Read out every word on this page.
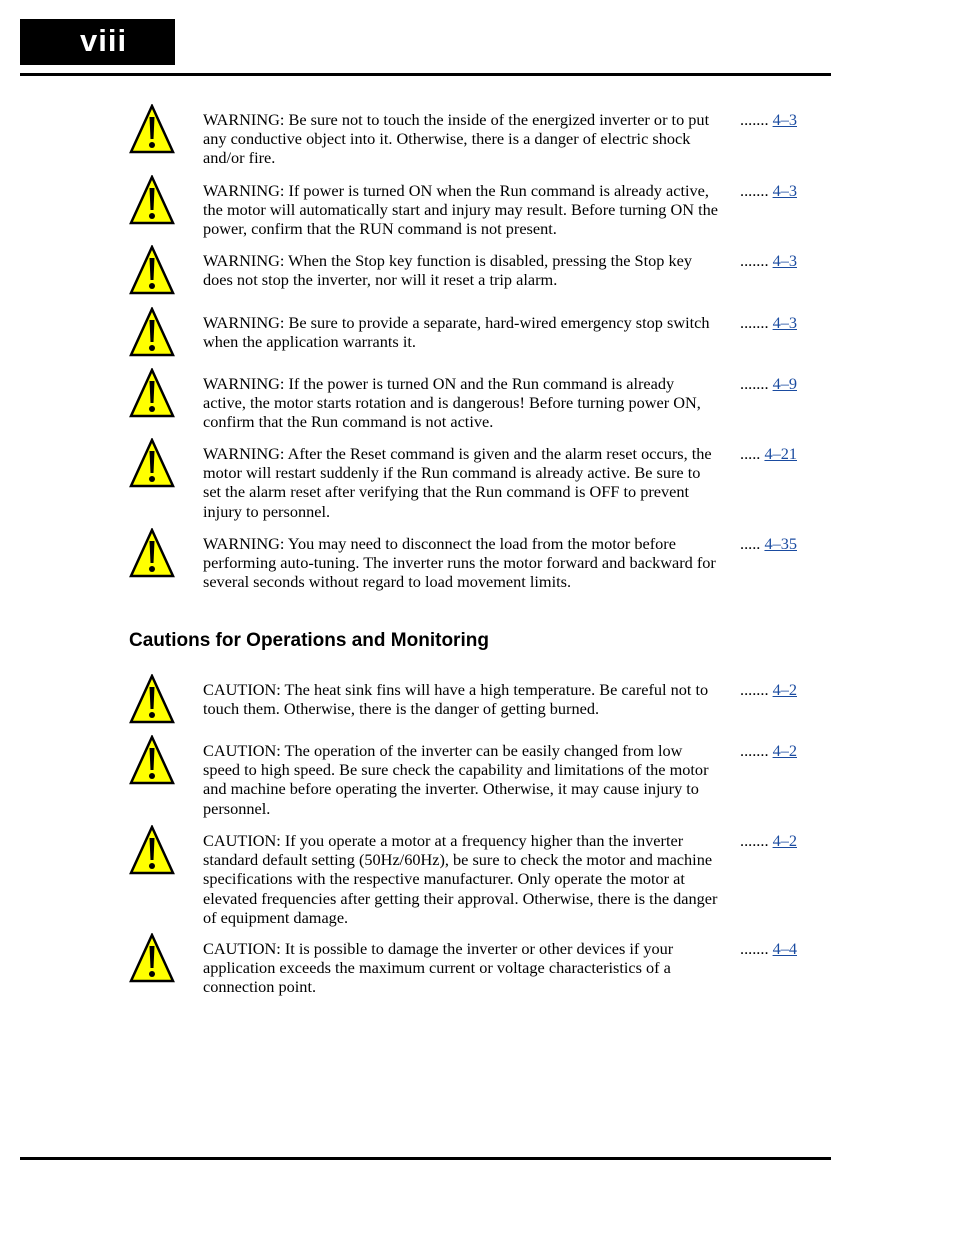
viii
WARNING: Be sure not to touch the inside of the energized inverter or to put any conductive object into it. Otherwise, there is a danger of electric shock and/or fire.
....... 4–3
WARNING: If power is turned ON when the Run command is already active, the motor will automatically start and injury may result. Before turning ON the power, confirm that the RUN command is not present.
....... 4–3
WARNING: When the Stop key function is disabled, pressing the Stop key does not stop the inverter, nor will it reset a trip alarm.
....... 4–3
WARNING: Be sure to provide a separate, hard-wired emergency stop switch when the application warrants it.
....... 4–3
WARNING: If the power is turned ON and the Run command is already active, the motor starts rotation and is dangerous! Before turning power ON, confirm that the Run command is not active.
....... 4–9
WARNING: After the Reset command is given and the alarm reset occurs, the motor will restart suddenly if the Run command is already active. Be sure to set the alarm reset after verifying that the Run command is OFF to prevent injury to personnel.
..... 4–21
WARNING: You may need to disconnect the load from the motor before performing auto-tuning. The inverter runs the motor forward and backward for several seconds without regard to load movement limits.
..... 4–35
Cautions for Operations and Monitoring
CAUTION: The heat sink fins will have a high temperature. Be careful not to touch them. Otherwise, there is the danger of getting burned.
....... 4–2
CAUTION: The operation of the inverter can be easily changed from low speed to high speed. Be sure check the capability and limitations of the motor and machine before operating the inverter. Otherwise, it may cause injury to personnel.
....... 4–2
CAUTION: If you operate a motor at a frequency higher than the inverter standard default setting (50Hz/60Hz), be sure to check the motor and machine specifications with the respective manufacturer. Only operate the motor at elevated frequencies after getting their approval. Otherwise, there is the danger of equipment damage.
....... 4–2
CAUTION: It is possible to damage the inverter or other devices if your application exceeds the maximum current or voltage characteristics of a connection point.
....... 4–4
